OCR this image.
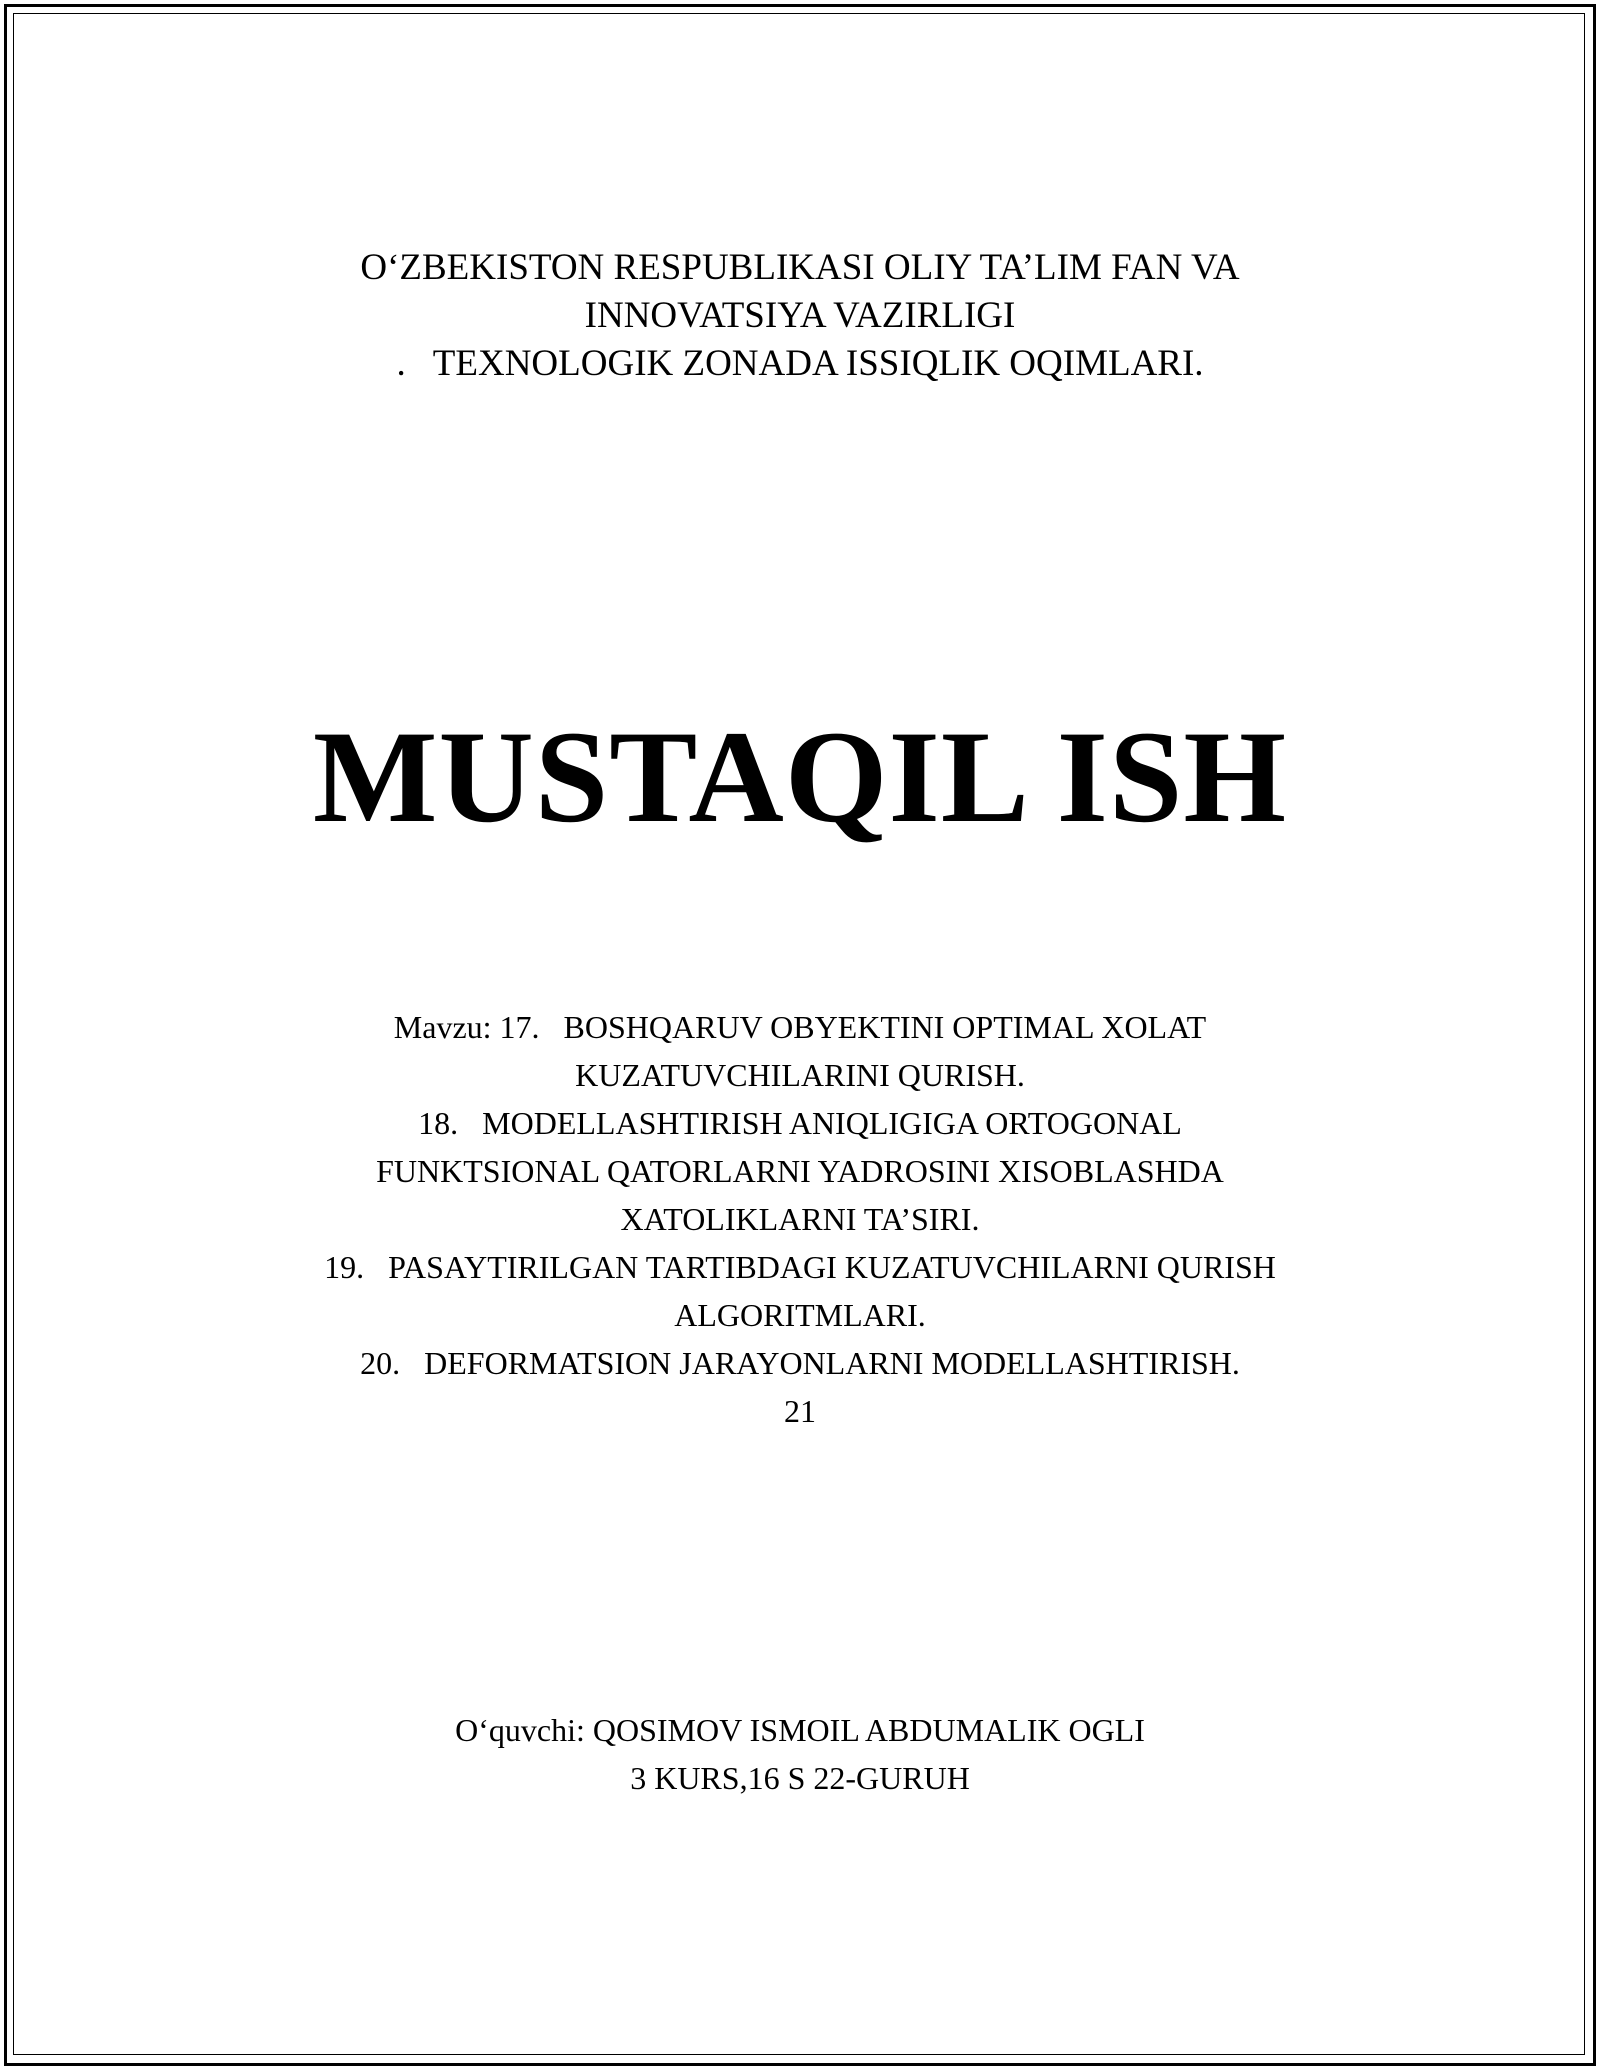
O‘ZBEKISTON RESPUBLIKASI OLIY TA’LIM FAN VA
INNOVATSIYA VAZIRLIGI
.   TEXNOLOGIK ZONADA ISSIQLIK OQIMLARI.
MUSTAQIL ISH
Mavzu: 17.   BOSHQARUV OBYEKTINI OPTIMAL XOLAT
KUZATUVCHILARINI QURISH.
18.   MODELLASHTIRISH ANIQLIGIGA ORTOGONAL
FUNKTSIONAL QATORLARNI YADROSINI XISOBLASHDA
XATOLIKLARNI TA’SIRI.
19.   PASAYTIRILGAN TARTIBDAGI KUZATUVCHILARNI QURISH
ALGORITMLARI.
20.   DEFORMATSION JARAYONLARNI MODELLASHTIRISH.
21
O‘quvchi: QOSIMOV ISMOIL ABDUMALIK OGLI
3 KURS,16 S 22-GURUH
